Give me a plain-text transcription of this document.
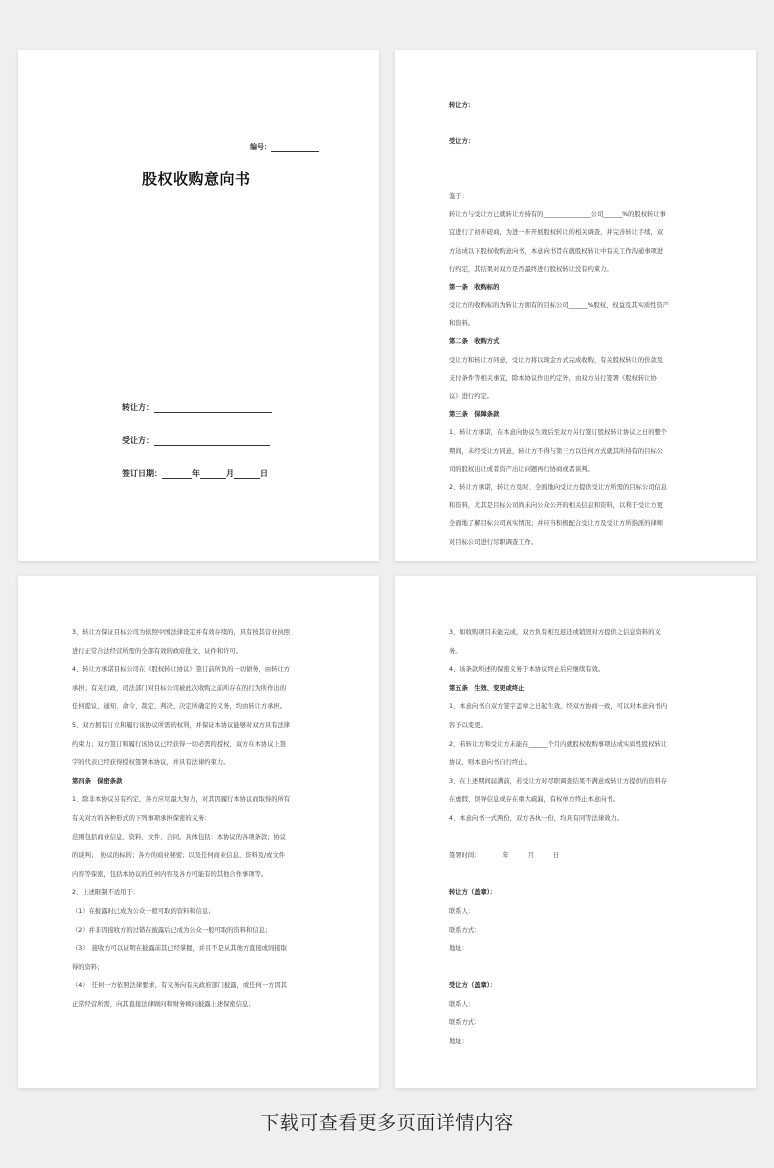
编号：
股权收购意向书
转让方：
受让方：
签订日期：	年	月	日
转让方：
受让方：
鉴于：
转让方与受让方已就转让方持有的_______________公司______%的股权转让事
宜进行了初步磋商，为进一步开展股权转让的相关调查，并完善转让手续，双
方达成以下股权收购意向书，本意向书旨在就股权转让中有关工作沟通事项进
行约定，其结果对双方是否最终进行股权转让没有约束力。
第一条　收购标的
受让方的收购标的为转让方拥有的目标公司______%股权、权益及其实质性资产
和资料。
第二条　收购方式
受让方和转让方同意，受让方将以现金方式完成收购，有关股权转让的价款及
支付条件等相关事宜，除本协议作出约定外，由双方另行签署《股权转让协
议》进行约定。
第三条　保障条款
1、转让方承诺，在本意向协议生效后至双方另行签订股权转让协议之日的整个
期间，未经受让方同意，转让方不得与第三方以任何方式就其所持有的目标公
司的股权出让或者资产出让问题再行协商或者谈判。
2、转让方承诺，转让方及时、全面地向受让方提供受让方所需的目标公司信息
和资料，尤其是目标公司尚未向公众公开的相关信息和资料，以利于受让方更
全面地了解目标公司真实情况；并应当积极配合受让方及受让方所指派的律师
对目标公司进行尽职调查工作。
3、转让方保证目标公司为依照中国法律设定并有效存续的，具有按其营业执照
进行正常合法经营所需的全部有效的政府批文、证件和许可。
4、转让方承诺目标公司在《股权转让协议》签订前所负的一切债务，由转让方
承担；有关行政、司法部门对目标公司被此次收购之前所存在的行为所作出的
任何提议、通知、命令、裁定、判决、决定所确定的义务，均由转让方承担。
5、双方拥有订立和履行该协议所需的权利，并保证本协议能够对双方具有法律
约束力；双方签订和履行该协议已经获得一切必需的授权，双方在本协议上签
字的代表已经获得授权签署本协议，并具有法律约束力。
第四条　保密条款
1、除非本协议另有约定，各方应尽最大努力，对其因履行本协议而取得的所有
有关对方的各种形式的下列事项承担保密的义务：
范围包括商业信息、资料、文件、合同。具体包括：本协议的各项条款；协议
的谈判；　协议的标的；各方的商业秘密；以及任何商业信息、资料及/或文件
内容等保密，包括本协议的任何内容及各方可能有的其他合作事项等。
2、上述限制不适用于：
（1）在披露时已成为公众一般可取的资料和信息；
（2）并非因接收方的过错在披露后已成为公众一般可取的资料和信息；
（3）　接收方可以证明在披露前其已经掌握，并且不是从其他方直接或间接取
得的资料；
（4）　任何一方依照法律要求，有义务向有关政府部门披露，或任何一方因其
正常经营所需，向其直接法律顾问和财务顾问披露上述保密信息；
3、如收购项目未能完成，双方负有相互返还或销毁对方提供之信息资料的义
务。
4、该条款所述的保密义务于本协议终止后应继续有效。
第五条　生效、变更或终止
1、本意向书自双方签字盖章之日起生效，经双方协商一致，可以对本意向书内
容予以变更。
2、若转让方和受让方未能在______个月内就股权收购事项达成实质性股权转让
协议，则本意向书自行终止。
3、在上述期间届满前，若受让方对尽职调查结果不满意或转让方提供的资料存
在虚假、误导信息或存在重大疏漏，有权单方终止本意向书。
4、本意向书一式两份，双方各执一份，均具有同等法律效力。
签署时间：　　　　年　　　月　　　日
转让方（盖章）：
联系人：
联系方式：
地址：
受让方（盖章）：
联系人：
联系方式：
地址：
下载可查看更多页面详情内容
